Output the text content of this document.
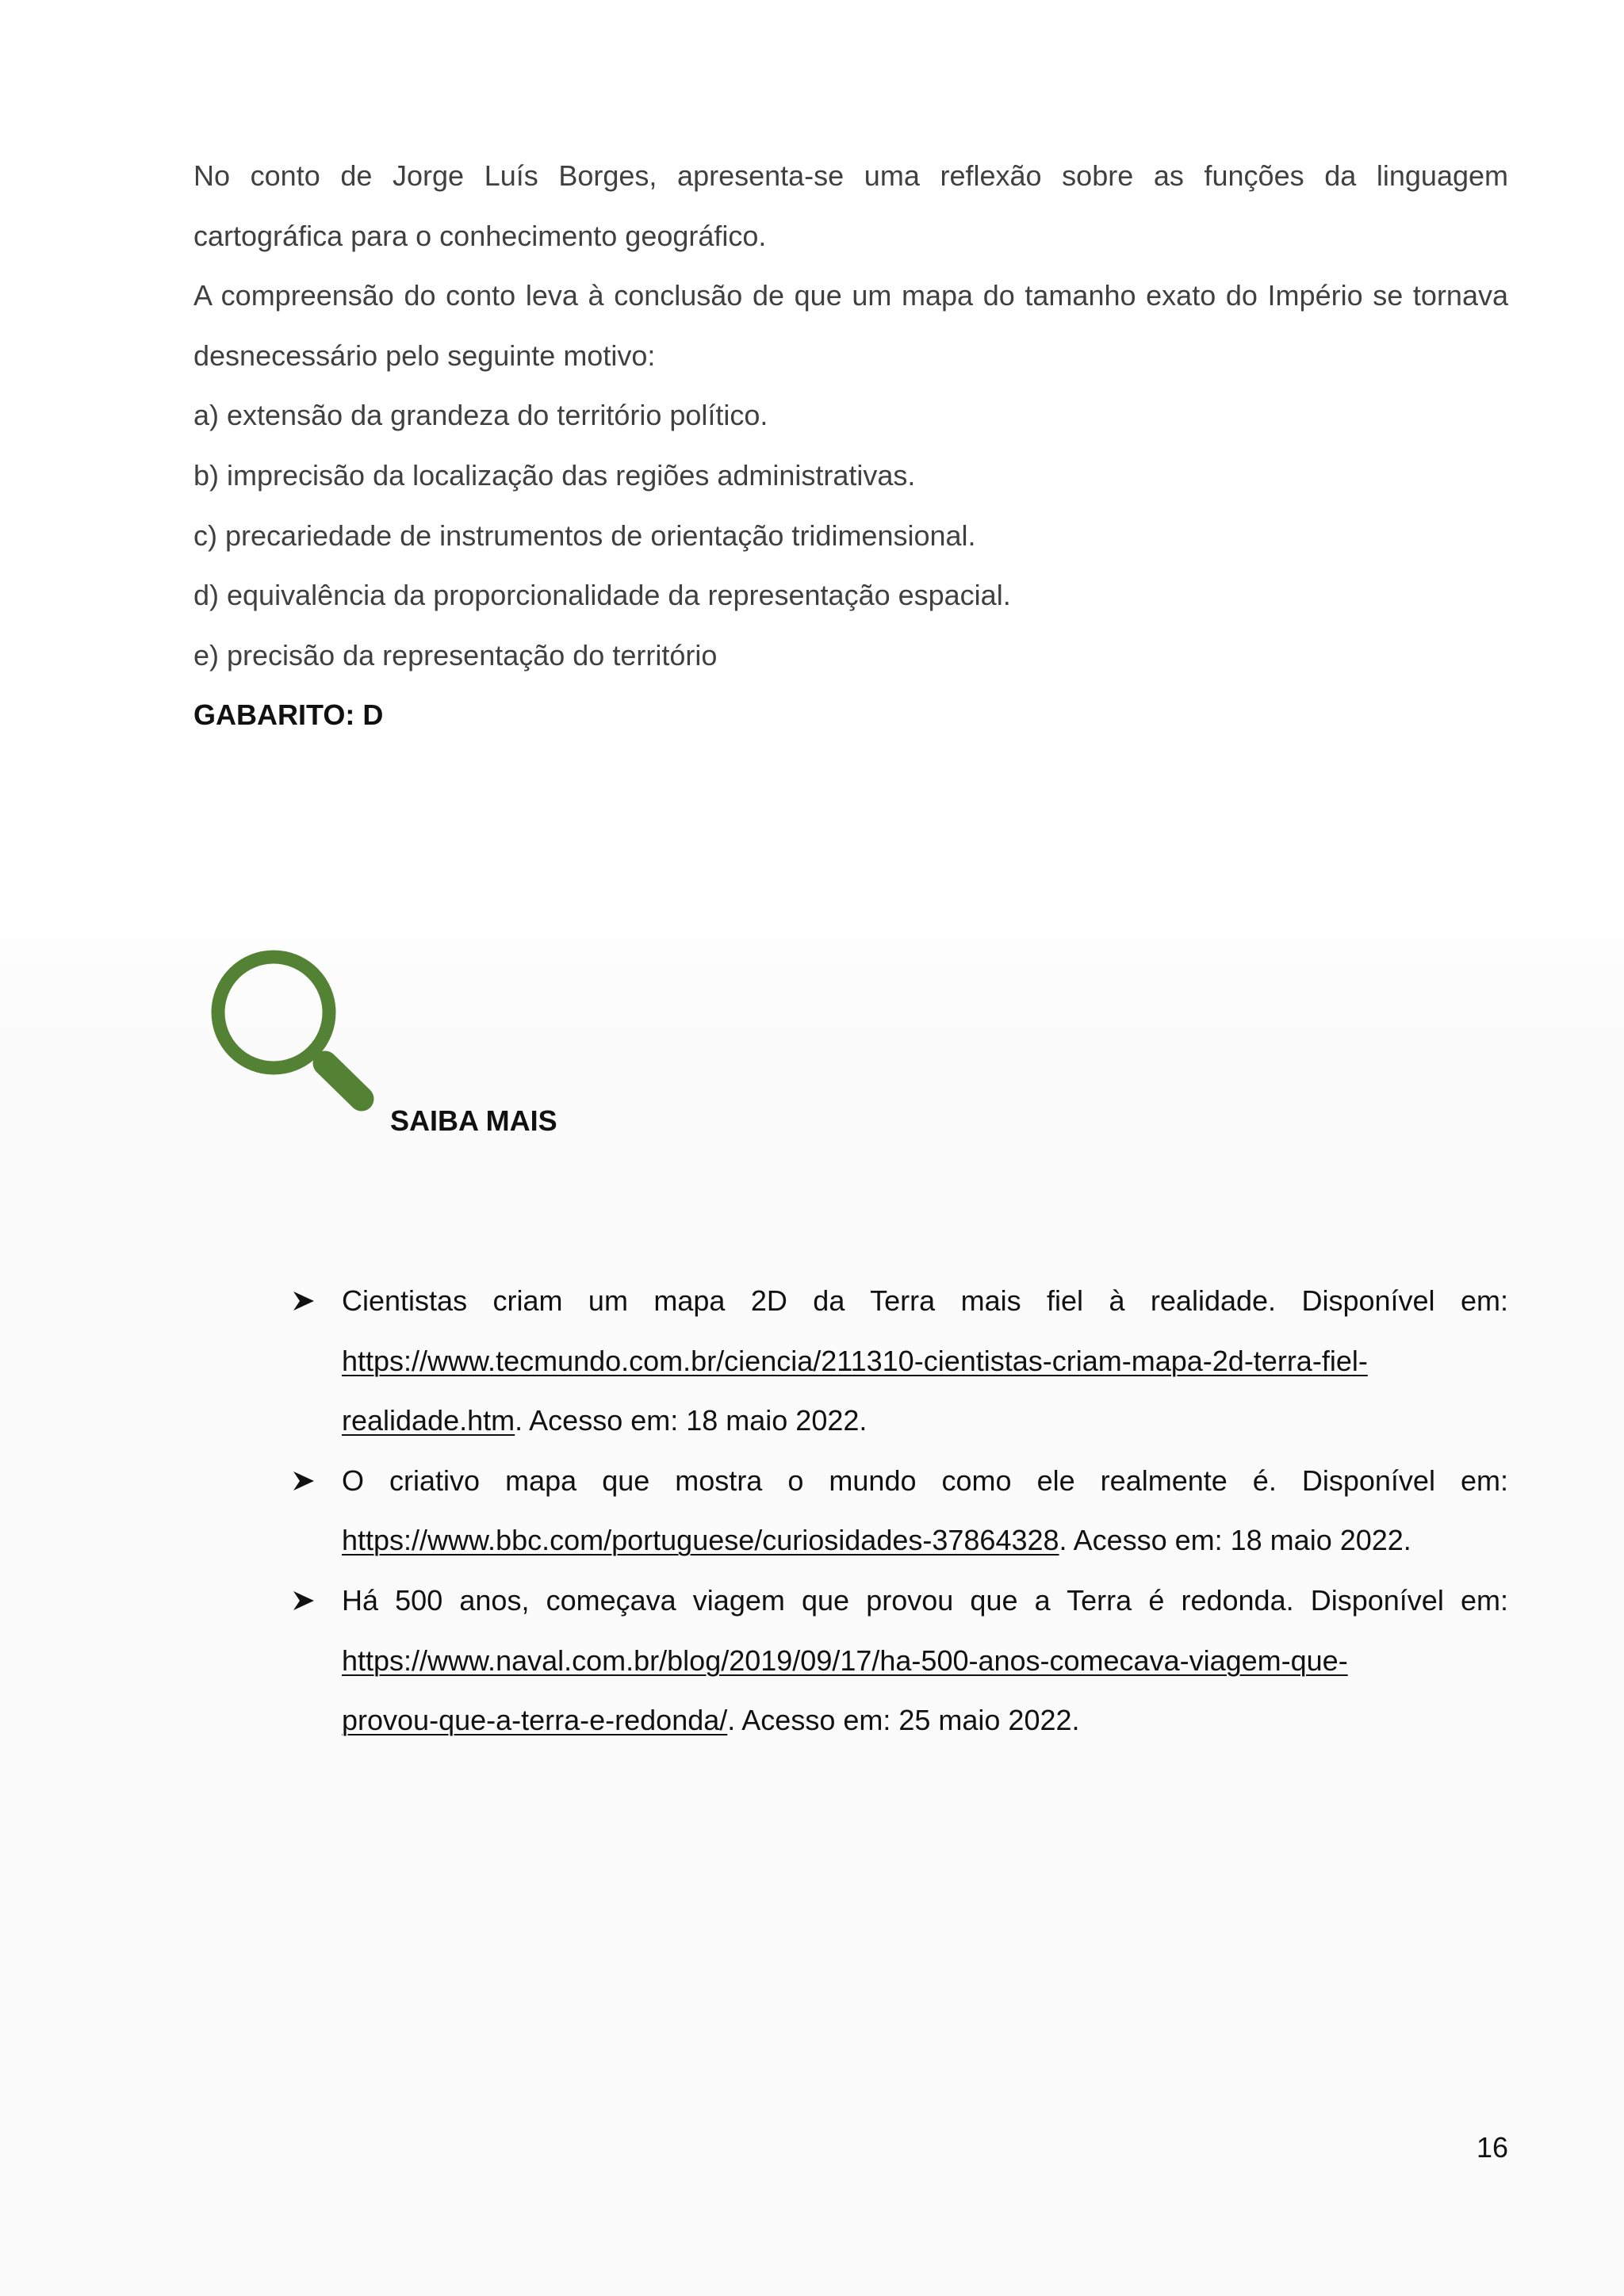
No conto de Jorge Luís Borges, apresenta-se uma reflexão sobre as funções da linguagem
cartográfica para o conhecimento geográfico.
A compreensão do conto leva à conclusão de que um mapa do tamanho exato do Império se tornava
desnecessário pelo seguinte motivo:
a) extensão da grandeza do território político.
b) imprecisão da localização das regiões administrativas.
c) precariedade de instrumentos de orientação tridimensional.
d) equivalência da proporcionalidade da representação espacial.
e) precisão da representação do território
GABARITO: D
SAIBA MAIS
Cientistas criam um mapa 2D da Terra mais fiel à realidade. Disponível em:
https://www.tecmundo.com.br/ciencia/211310-cientistas-criam-mapa-2d-terra-fiel-
realidade.htm. Acesso em: 18 maio 2022.
O criativo mapa que mostra o mundo como ele realmente é. Disponível em:
https://www.bbc.com/portuguese/curiosidades-37864328. Acesso em: 18 maio 2022.
Há 500 anos, começava viagem que provou que a Terra é redonda. Disponível em:
https://www.naval.com.br/blog/2019/09/17/ha-500-anos-comecava-viagem-que-
provou-que-a-terra-e-redonda/. Acesso em: 25 maio 2022.
16
